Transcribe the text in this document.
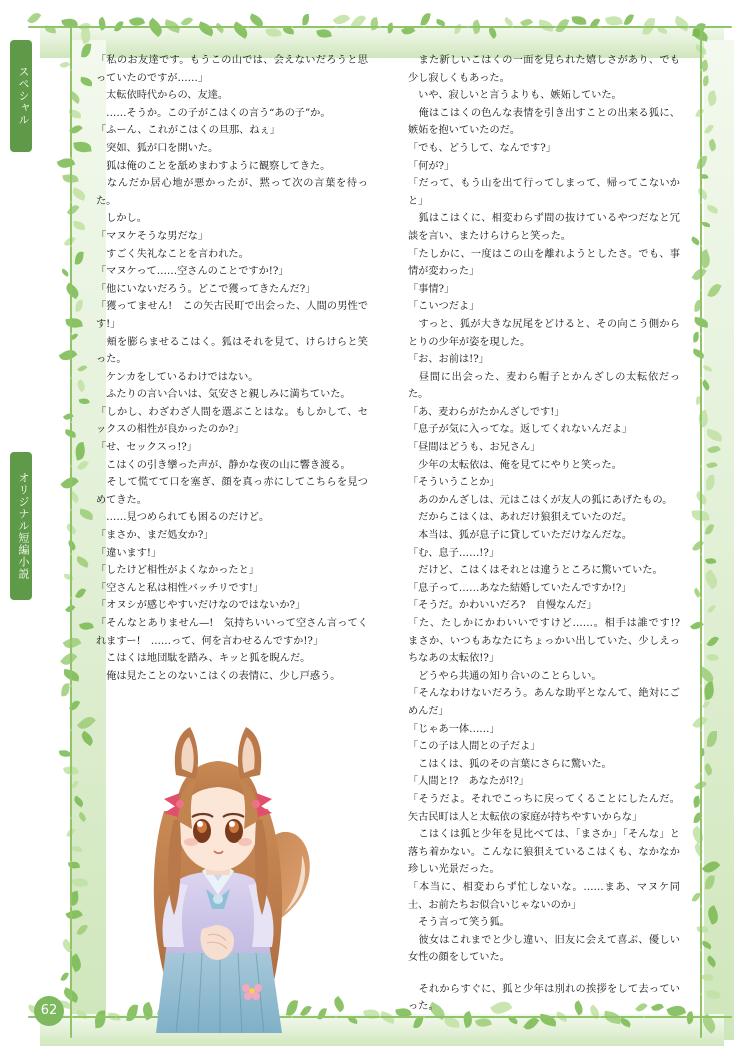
スペシャル
オリジナル短編小説
62

「私のお友達です。もうこの山では、会えないだろうと思っていたのですが……」

　太転依時代からの、友達。

　……そうか。この子がこはくの言う“あの子”か。

「ふーん、これがこはくの旦那、ねぇ」

　突如、狐が口を開いた。

　狐は俺のことを舐めまわすように観察してきた。

　なんだか居心地が悪かったが、黙って次の言葉を待った。

　しかし。

「マヌケそうな男だな」

　すごく失礼なことを言われた。

「マヌケって……空さんのことですか!?」

「他にいないだろう。どこで獲ってきたんだ?」

「獲ってません!　この矢古民町で出会った、人間の男性です!」

　頬を膨らませるこはく。狐はそれを見て、けらけらと笑った。

　ケンカをしているわけではない。

　ふたりの言い合いは、気安さと親しみに満ちていた。

「しかし、わざわざ人間を選ぶことはな。もしかして、セックスの相性が良かったのか?」

「せ、セックスっ!?」

　こはくの引き攣った声が、静かな夜の山に響き渡る。

　そして慌てて口を塞ぎ、顔を真っ赤にしてこちらを見つめてきた。

　……見つめられても困るのだけど。

「まさか、まだ処女か?」

「違います!」

「したけど相性がよくなかったと」

「空さんと私は相性バッチリです!」

「オヌシが感じやすいだけなのではないか?」

「そんなとありません—!　気持ちいいって空さん言ってくれますー!　……って、何を言わせるんですか!?」

　こはくは地団駄を踏み、キッと狐を睨んだ。

　俺は見たことのないこはくの表情に、少し戸惑う。

　また新しいこはくの一面を見られた嬉しさがあり、でも少し寂しくもあった。

　いや、寂しいと言うよりも、嫉妬していた。

　俺はこはくの色んな表情を引き出すことの出来る狐に、嫉妬を抱いていたのだ。

「でも、どうして、なんです?」

「何が?」

「だって、もう山を出て行ってしまって、帰ってこないかと」

　狐はこはくに、相変わらず間の抜けているやつだなと冗談を言い、またけらけらと笑った。

「たしかに、一度はこの山を離れようとしたさ。でも、事情が変わった」

「事情?」

「こいつだよ」

　すっと、狐が大きな尻尾をどけると、その向こう側からとりの少年が姿を現した。

「お、お前は!?」

　昼間に出会った、麦わら帽子とかんざしの太転依だった。

「あ、麦わらがたかんざしです!」

「息子が気に入ってな。返してくれないんだよ」

「昼間はどうも、お兄さん」

　少年の太転依は、俺を見てにやりと笑った。

「そういうことか」

　あのかんざしは、元はこはくが友人の狐にあげたもの。

　だからこはくは、あれだけ狼狽えていたのだ。

　本当は、狐が息子に貸していただけなんだな。

「む、息子……!?」

　だけど、こはくはそれとは違うところに驚いていた。

「息子って……あなた結婚していたんですか!?」

「そうだ。かわいいだろ?　自慢なんだ」

「た、たしかにかわいいですけど……。相手は誰です!?　まさか、いつもあなたにちょっかい出していた、少しえっちなあの太転依!?」

　どうやら共通の知り合いのことらしい。

「そんなわけないだろう。あんな助平となんて、絶対にごめんだ」

「じゃあ一体……」

「この子は人間との子だよ」

　こはくは、狐のその言葉にさらに驚いた。

「人間と!?　あなたが!?」

「そうだよ。それでこっちに戻ってくることにしたんだ。矢古民町は人と太転依の家庭が持ちやすいからな」

　こはくは狐と少年を見比べては、「まさか」「そんな」と落ち着かない。こんなに狼狽えているこはくも、なかなか珍しい光景だった。

「本当に、相変わらず忙しないな。……まあ、マヌケ同士、お前たちお似合いじゃないのか」

　そう言って笑う狐。

　彼女はこれまでと少し違い、旧友に会えて喜ぶ、優しい女性の顔をしていた。

　それからすぐに、狐と少年は別れの挨拶をして去っていった。
